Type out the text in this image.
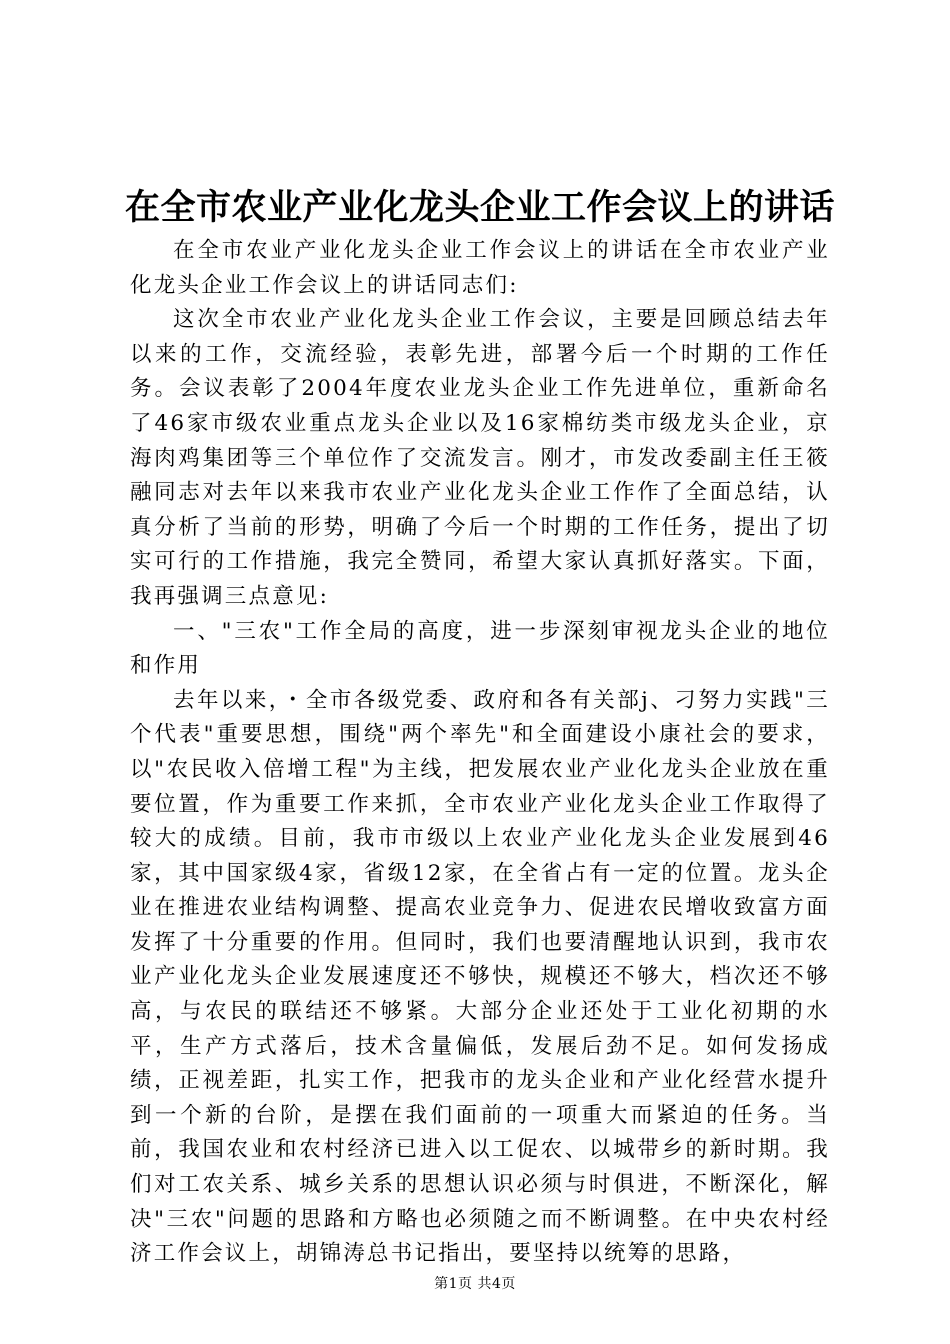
在全市农业产业化龙头企业工作会议上的讲话

在全市农业产业化龙头企业工作会议上的讲话在全市农业产业化龙头企业工作会议上的讲话同志们:

这次全市农业产业化龙头企业工作会议，主要是回顾总结去年以来的工作，交流经验，表彰先进，部署今后一个时期的工作任务。会议表彰了2004年度农业龙头企业工作先进单位，重新命名了46家市级农业重点龙头企业以及16家棉纺类市级龙头企业，京海肉鸡集团等三个单位作了交流发言。刚才，市发改委副主任王筱融同志对去年以来我市农业产业化龙头企业工作作了全面总结，认真分析了当前的形势，明确了今后一个时期的工作任务，提出了切实可行的工作措施，我完全赞同，希望大家认真抓好落实。下面，我再强调三点意见:

一、"三农"工作全局的高度，进一步深刻审视龙头企业的地位和作用

去年以来，・全市各级党委、政府和各有关部j、刁努力实践"三个代表"重要思想，围绕"两个率先"和全面建设小康社会的要求，以"农民收入倍增工程"为主线，把发展农业产业化龙头企业放在重要位置，作为重要工作来抓，全市农业产业化龙头企业工作取得了较大的成绩。目前，我市市级以上农业产业化龙头企业发展到46家，其中国家级4家，省级12家，在全省占有一定的位置。龙头企业在推进农业结构调整、提高农业竞争力、促进农民增收致富方面发挥了十分重要的作用。但同时，我们也要清醒地认识到，我市农业产业化龙头企业发展速度还不够快，规模还不够大，档次还不够高，与农民的联结还不够紧。大部分企业还处于工业化初期的水平，生产方式落后，技术含量偏低，发展后劲不足。如何发扬成绩，正视差距，扎实工作，把我市的龙头企业和产业化经营水提升到一个新的台阶，是摆在我们面前的一项重大而紧迫的任务。当前，我国农业和农村经济已进入以工促农、以城带乡的新时期。我们对工农关系、城乡关系的思想认识必须与时俱进，不断深化，解决"三农"问题的思路和方略也必须随之而不断调整。在中央农村经济工作会议上，胡锦涛总书记指出，要坚持以统筹的思路，

第1页 共4页
